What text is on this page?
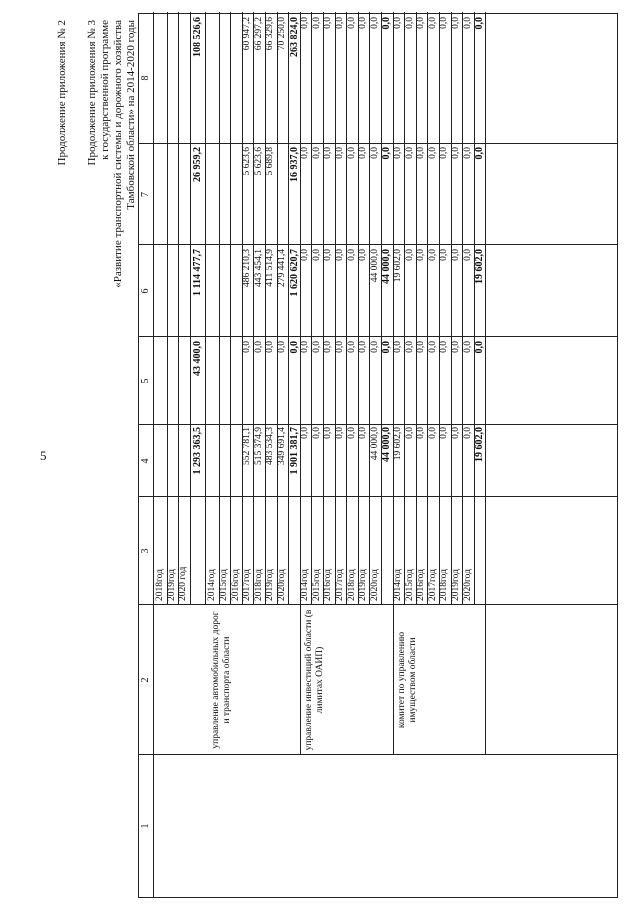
5
Продолжение приложения № 2 Продолжение приложения № 3 к государственной программе «Развитие транспортной системы и дорожного хозяйства Тамбовской области» на 2014-2020 годы
1
2
3
4
5
6
7
8
2018год 2019год 2020 год
1 293 363,5
43 400,0
1 114 477,7
26 959,2
108 526,6
2014год 2015год 2016год 2017год
552 781,1
0,0
486 210,3
5 623,6
60 947,2
2018год
515 374,9
0,0
443 454,1
5 623,6
66 297,2
2019год
483 534,3
0,0
411 514,9
5 689,8
66 329,6
2020год
349 691,4
0,0
279 441,4
70 250,0
1 901 381,7
0,0
1 620 620,7
16 937,0
263 824,0
управление автомобильных дорог и транспорта области
2014год
0,0
0,0
0,0
0,0
0,0
2015год
0,0
0,0
0,0
0,0
0,0
2016год
0,0
0,0
0,0
0,0
0,0
2017год
0,0
0,0
0,0
0,0
0,0
2018год
0,0
0,0
0,0
0,0
0,0
2019год
0,0
0,0
0,0
0,0
0,0
2020год
44 000,0
0,0
44 000,0
0,0
0,0
44 000,0
0,0
44 000,0
0,0
0,0
управление инвестиций области (в лимитах ОАИП)
2014год
19 602,0
0,0
19 602,0
0,0
0,0
2015год
0,0
0,0
0,0
0,0
0,0
2016год
0,0
0,0
0,0
0,0
0,0
2017год
0,0
0,0
0,0
0,0
0,0
2018год
0,0
0,0
0,0
0,0
0,0
2019год
0,0
0,0
0,0
0,0
0,0
2020год
0,0
0,0
0,0
0,0
0,0
19 602,0
0,0
19 602,0
0,0
0,0
комитет по управлению имуществом области
